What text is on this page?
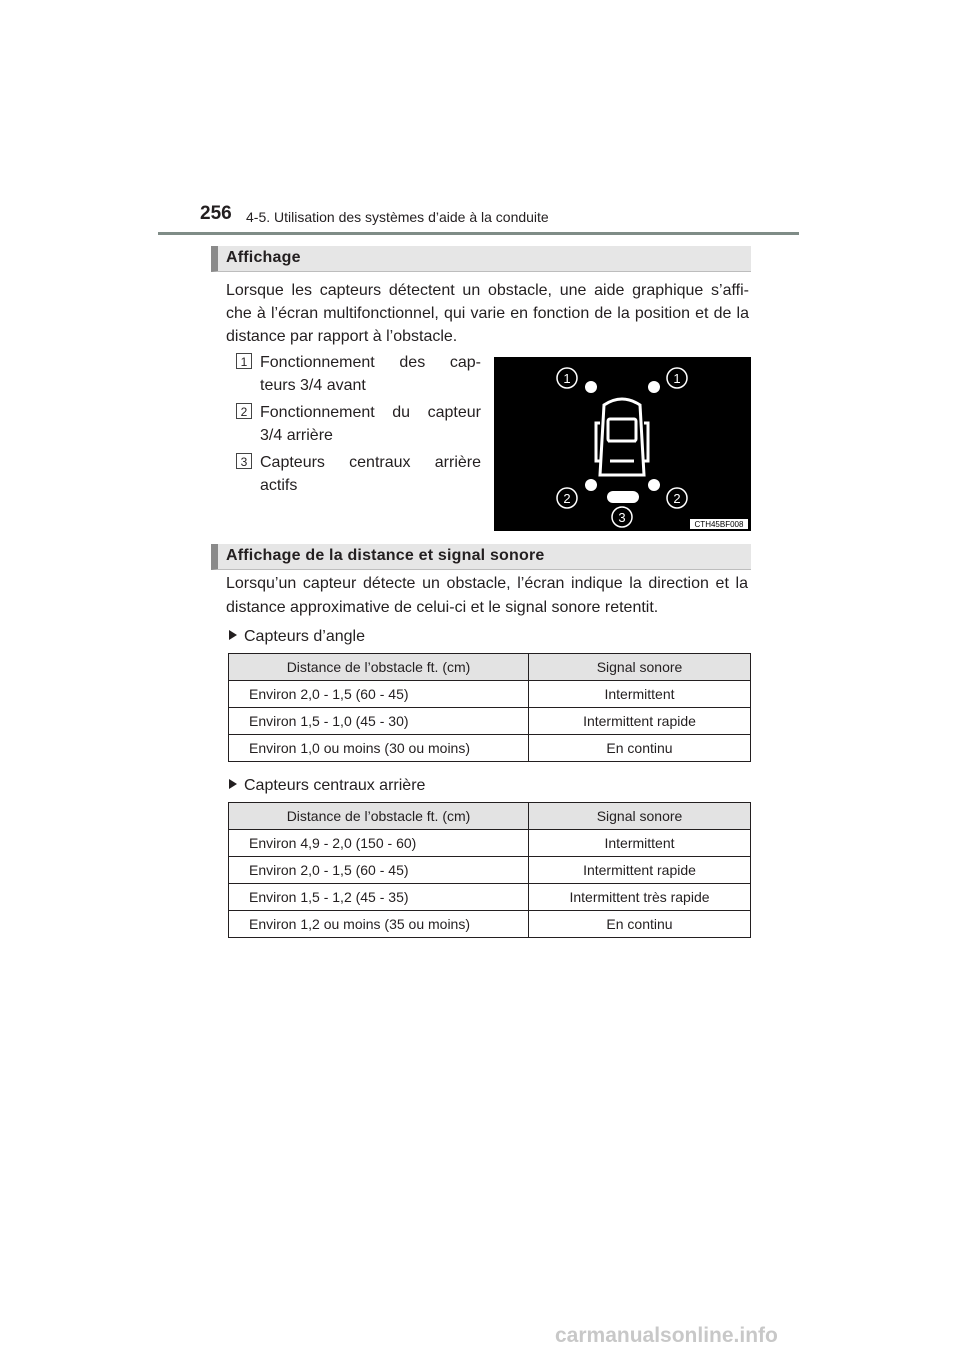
256 4-5. Utilisation des systèmes d’aide à la conduite
Affichage
Lorsque les capteurs détectent un obstacle, une aide graphique s’affi- che à l’écran multifonctionnel, qui varie en fonction de la position et de la distance par rapport à l’obstacle.
1 Fonctionnement des cap-
teurs 3/4 avant
2 Fonctionnement du capteur
3/4 arrière
3 Capteurs centraux arrière
actifs
1	1
2	2
3	CTH45BF008
Affichage de la distance et signal sonore
Lorsqu’un capteur détecte un obstacle, l’écran indique la direction et la distance approximative de celui-ci et le signal sonore retentit.
Capteurs d’angle
Distance de l’obstacle ft. (cm)	Signal sonore
Environ 2,0 - 1,5 (60 - 45)	Intermittent
Environ 1,5 - 1,0 (45 - 30)	Intermittent rapide
Environ 1,0 ou moins (30 ou moins)	En continu
Capteurs centraux arrière
Distance de l’obstacle ft. (cm)	Signal sonore
Environ 4,9 - 2,0 (150 - 60)	Intermittent
Environ 2,0 - 1,5 (60 - 45)	Intermittent rapide
Environ 1,5 - 1,2 (45 - 35)	Intermittent très rapide
Environ 1,2 ou moins (35 ou moins)	En continu
carmanualsonline.info
